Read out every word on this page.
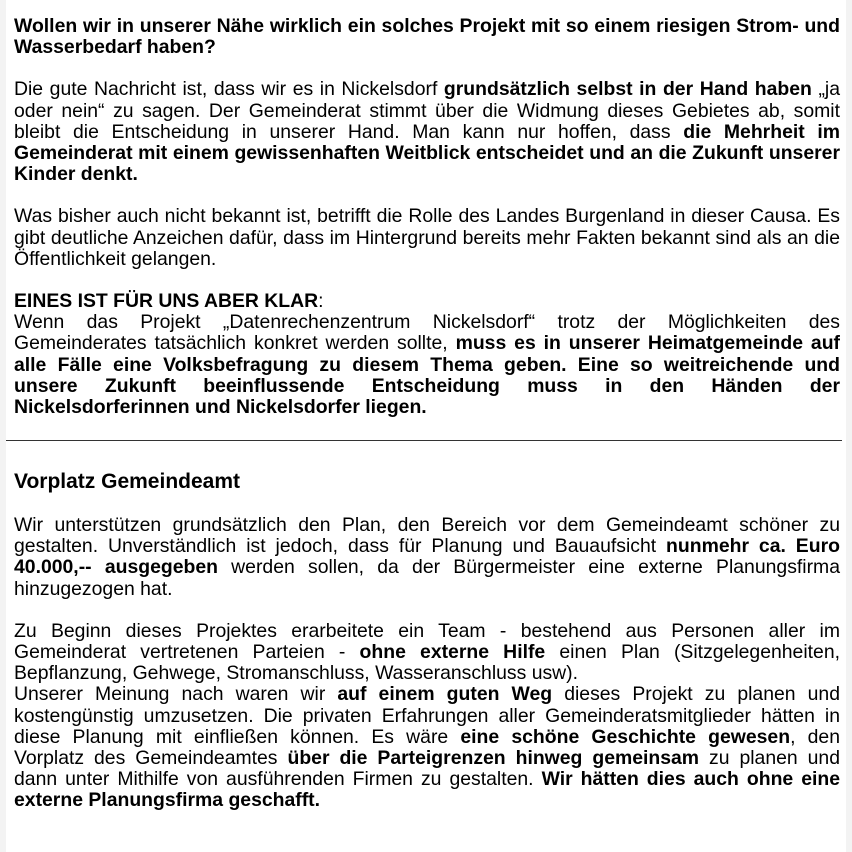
Wollen wir in unserer Nähe wirklich ein solches Projekt mit so einem riesigen Strom- und Wasserbedarf haben?

Die gute Nachricht ist, dass wir es in Nickelsdorf grundsätzlich selbst in der Hand haben „ja oder nein“ zu sagen. Der Gemeinderat stimmt über die Widmung dieses Gebietes ab, somit bleibt die Entscheidung in unserer Hand. Man kann nur hoffen, dass die Mehrheit im Gemeinderat mit einem gewissenhaften Weitblick entscheidet und an die Zukunft unserer Kinder denkt.

Was bisher auch nicht bekannt ist, betrifft die Rolle des Landes Burgenland in dieser Causa. Es gibt deutliche Anzeichen dafür, dass im Hintergrund bereits mehr Fakten bekannt sind als an die Öffentlichkeit gelangen.

EINES IST FÜR UNS ABER KLAR:
Wenn das Projekt „Datenrechenzentrum Nickelsdorf“ trotz der Möglichkeiten des Gemeinderates tatsächlich konkret werden sollte, muss es in unserer Heimatgemeinde auf alle Fälle eine Volksbefragung zu diesem Thema geben. Eine so weitreichende und unsere Zukunft beeinflussende Entscheidung muss in den Händen der Nickelsdorferinnen und Nickelsdorfer liegen.

Vorplatz Gemeindeamt

Wir unterstützen grundsätzlich den Plan, den Bereich vor dem Gemeindeamt schöner zu gestalten. Unverständlich ist jedoch, dass für Planung und Bauaufsicht nunmehr ca. Euro 40.000,-- ausgegeben werden sollen, da der Bürgermeister eine externe Planungsfirma hinzugezogen hat.

Zu Beginn dieses Projektes erarbeitete ein Team - bestehend aus Personen aller im Gemeinderat vertretenen Parteien - ohne externe Hilfe einen Plan (Sitzgelegenheiten, Bepflanzung, Gehwege, Stromanschluss, Wasseranschluss usw).

Unserer Meinung nach waren wir auf einem guten Weg dieses Projekt zu planen und kostengünstig umzusetzen. Die privaten Erfahrungen aller Gemeinderatsmitglieder hätten in diese Planung mit einfließen können. Es wäre eine schöne Geschichte gewesen, den Vorplatz des Gemeindeamtes über die Parteigrenzen hinweg gemeinsam zu planen und dann unter Mithilfe von ausführenden Firmen zu gestalten. Wir hätten dies auch ohne eine externe Planungsfirma geschafft.
